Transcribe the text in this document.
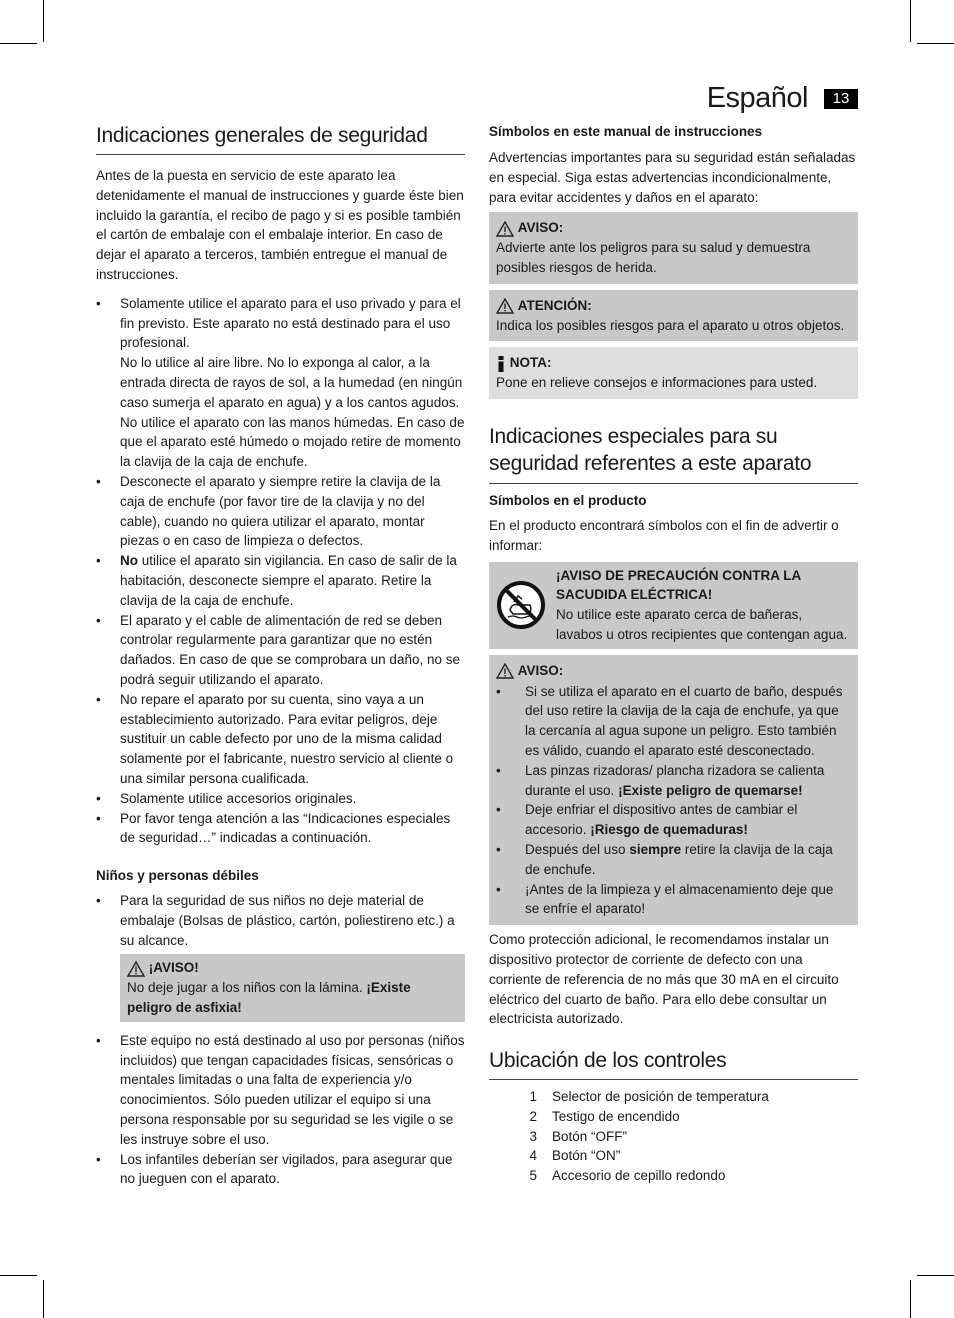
Español	13
Indicaciones generales de seguridad

Antes de la puesta en servicio de este aparato lea detenidamente el manual de instrucciones y guarde éste bien incluido la garantía, el recibo de pago y si es posible también el cartón de embalaje con el embalaje interior. En caso de dejar el aparato a terceros, también entregue el manual de instrucciones.

• Solamente utilice el aparato para el uso privado y para el fin previsto. Este aparato no está destinado para el uso profesional.
No lo utilice al aire libre. No lo exponga al calor, a la entrada directa de rayos de sol, a la humedad (en ningún caso sumerja el aparato en agua) y a los cantos agudos. No utilice el aparato con las manos húmedas. En caso de que el aparato esté húmedo o mojado retire de momento la clavija de la caja de enchufe.
• Desconecte el aparato y siempre retire la clavija de la caja de enchufe (por favor tire de la clavija y no del cable), cuando no quiera utilizar el aparato, montar piezas o en caso de limpieza o defectos.
• No utilice el aparato sin vigilancia. En caso de salir de la habitación, desconecte siempre el aparato. Retire la clavija de la caja de enchufe.
• El aparato y el cable de alimentación de red se deben controlar regularmente para garantizar que no estén dañados. En caso de que se comprobara un daño, no se podrá seguir utilizando el aparato.
• No repare el aparato por su cuenta, sino vaya a un establecimiento autorizado. Para evitar peligros, deje sustituir un cable defecto por uno de la misma calidad solamente por el fabricante, nuestro servicio al cliente o una similar persona cualificada.
• Solamente utilice accesorios originales.
• Por favor tenga atención a las “Indicaciones especiales de seguridad…” indicadas a continuación.
Niños y personas débiles
• Para la seguridad de sus niños no deje material de embalaje (Bolsas de plástico, cartón, poliestireno etc.) a su alcance.
¡AVISO!
No deje jugar a los niños con la lámina. ¡Existe peligro de asfixia!
• Este equipo no está destinado al uso por personas (niños incluidos) que tengan capacidades físicas, sensóricas o mentales limitadas o una falta de experiencia y/o conocimientos. Sólo pueden utilizar el equipo si una persona responsable por su seguridad se les vigile o se les instruye sobre el uso.
• Los infantiles deberían ser vigilados, para asegurar que no jueguen con el aparato.
Símbolos en este manual de instrucciones

Advertencias importantes para su seguridad están señaladas en especial. Siga estas advertencias incondicionalmente, para evitar accidentes y daños en el aparato:

AVISO:
Advierte ante los peligros para su salud y demuestra posibles riesgos de herida.
ATENCIÓN:
Indica los posibles riesgos para el aparato u otros objetos.
NOTA:
Pone en relieve consejos e informaciones para usted.
Indicaciones especiales para su seguridad referentes a este aparato
Símbolos en el producto

En el producto encontrará símbolos con el fin de advertir o informar:

¡AVISO DE PRECAUCIÓN CONTRA LA SACUDIDA ELÉCTRICA!
No utilice este aparato cerca de bañeras, lavabos u otros recipientes que contengan agua.
AVISO:
• Si se utiliza el aparato en el cuarto de baño, después del uso retire la clavija de la caja de enchufe, ya que la cercanía al agua supone un peligro. Esto también es válido, cuando el aparato esté desconectado.
• Las pinzas rizadoras/ plancha rizadora se calienta durante el uso. ¡Existe peligro de quemarse!
• Deje enfriar el dispositivo antes de cambiar el accesorio. ¡Riesgo de quemaduras!
• Después del uso siempre retire la clavija de la caja de enchufe.
• ¡Antes de la limpieza y el almacenamiento deje que se enfríe el aparato!

Como protección adicional, le recomendamos instalar un dispositivo protector de corriente de defecto con una corriente de referencia de no más que 30 mA en el circuito eléctrico del cuarto de baño. Para ello debe consultar un electricista autorizado.

Ubicación de los controles
1	Selector de posición de temperatura
2	Testigo de encendido
3	Botón “OFF”
4	Botón “ON”
5	Accesorio de cepillo redondo
